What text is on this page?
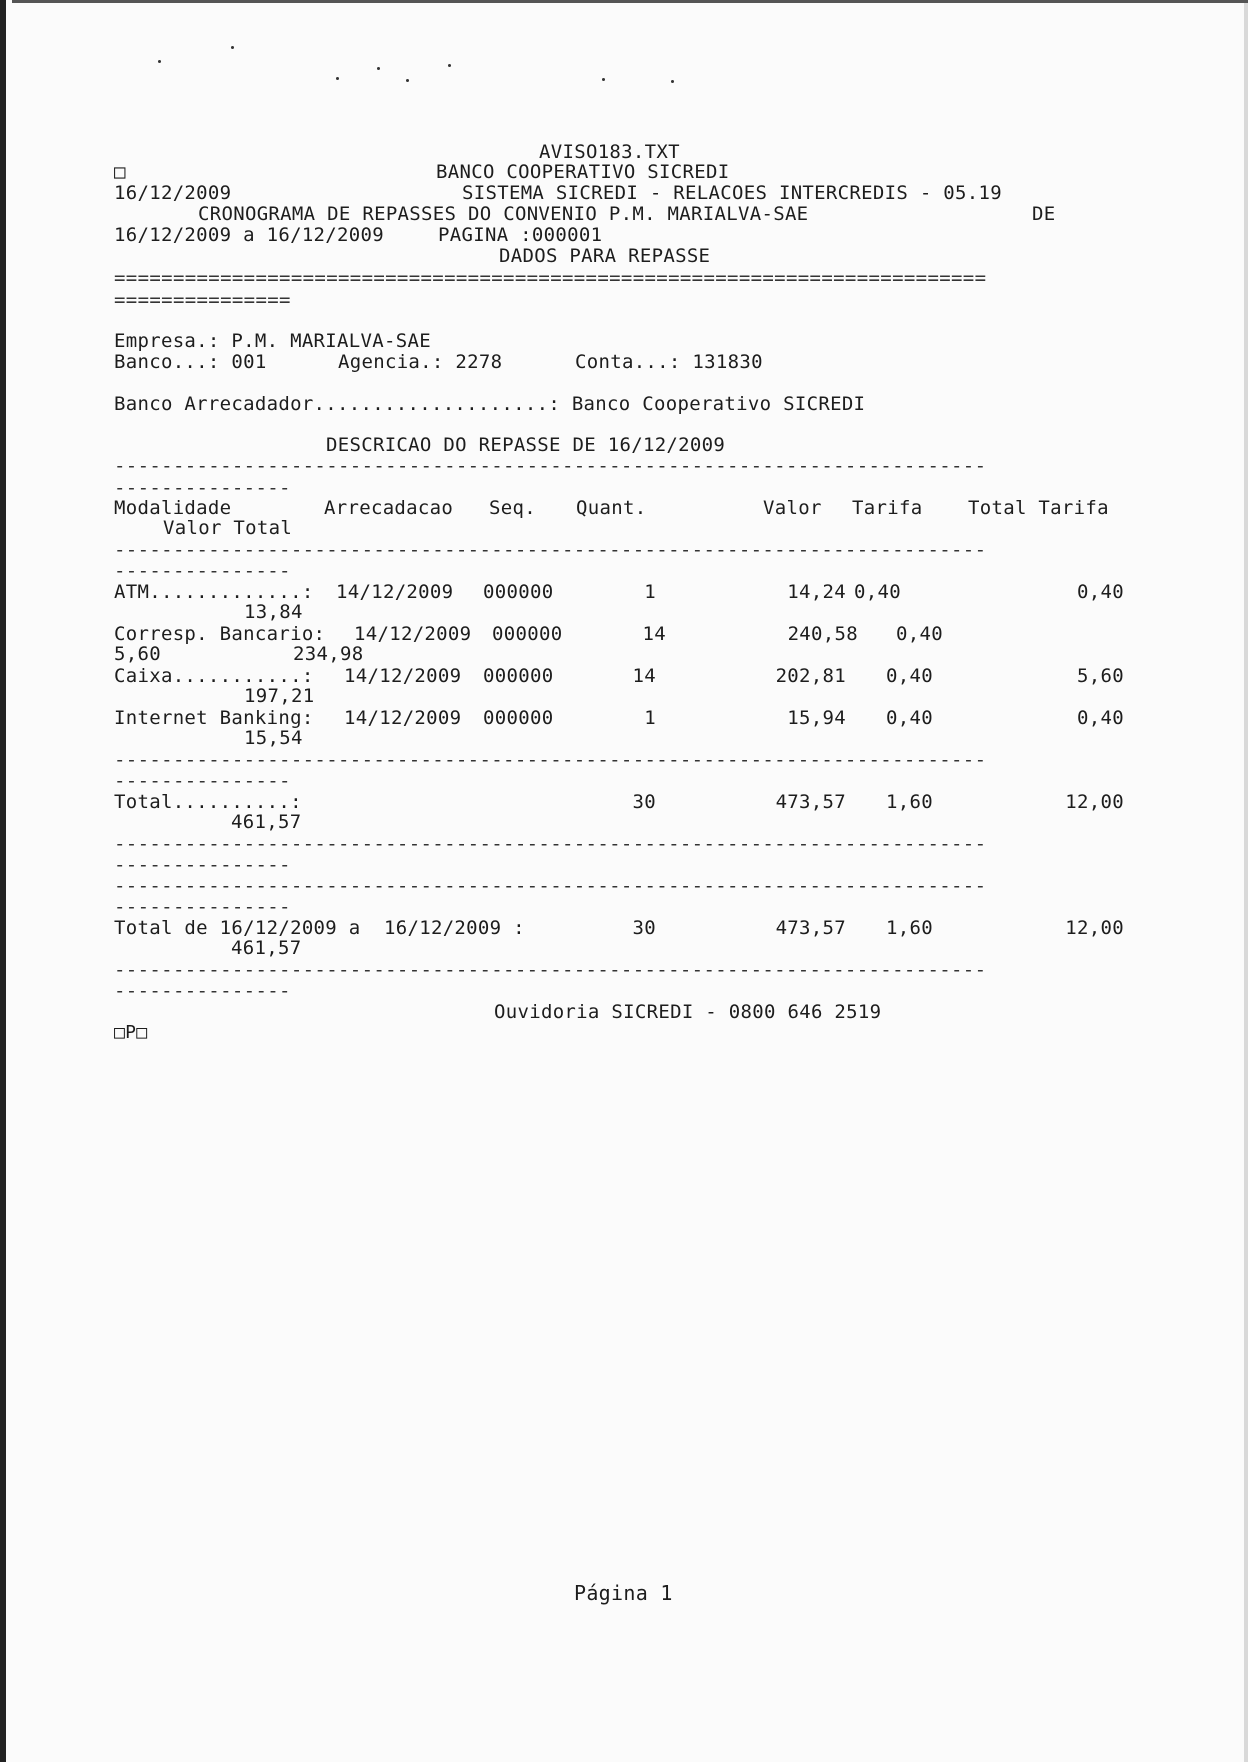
AVISO183.TXT
□	BANCO COOPERATIVO SICREDI
16/12/2009	SISTEMA SICREDI - RELACOES INTERCREDIS - 05.19
CRONOGRAMA DE REPASSES DO CONVENIO P.M. MARIALVA-SAE	DE
16/12/2009 a 16/12/2009	PAGINA :000001
DADOS PARA REPASSE
==========================================================================
===============
Empresa.: P.M. MARIALVA-SAE
Banco...: 001	Agencia.: 2278	Conta...: 131830
Banco Arrecadador....................: Banco Cooperativo SICREDI
DESCRICAO DO REPASSE DE 16/12/2009
--------------------------------------------------------------------------
---------------
Modalidade	Arrecadacao Seq. Quant.	Valor Tarifa Total Tarifa
Valor Total
--------------------------------------------------------------------------
---------------
ATM.............: 14/12/2009 000000	1	14,24 0,40	0,40
13,84
Corresp. Bancario: 14/12/2009 000000	14	240,58 0,40
5,60	234,98
Caixa...........: 14/12/2009 000000	14	202,81 0,40	5,60
197,21
Internet Banking: 14/12/2009 000000	1	15,94 0,40	0,40
15,54
--------------------------------------------------------------------------
---------------
Total..........:	30	473,57 1,60	12,00
461,57
--------------------------------------------------------------------------
---------------
--------------------------------------------------------------------------
---------------
Total de 16/12/2009 a  16/12/2009 :	30	473,57 1,60	12,00
461,57
--------------------------------------------------------------------------
---------------
Ouvidoria SICREDI - 0800 646 2519
□P□
Página 1
